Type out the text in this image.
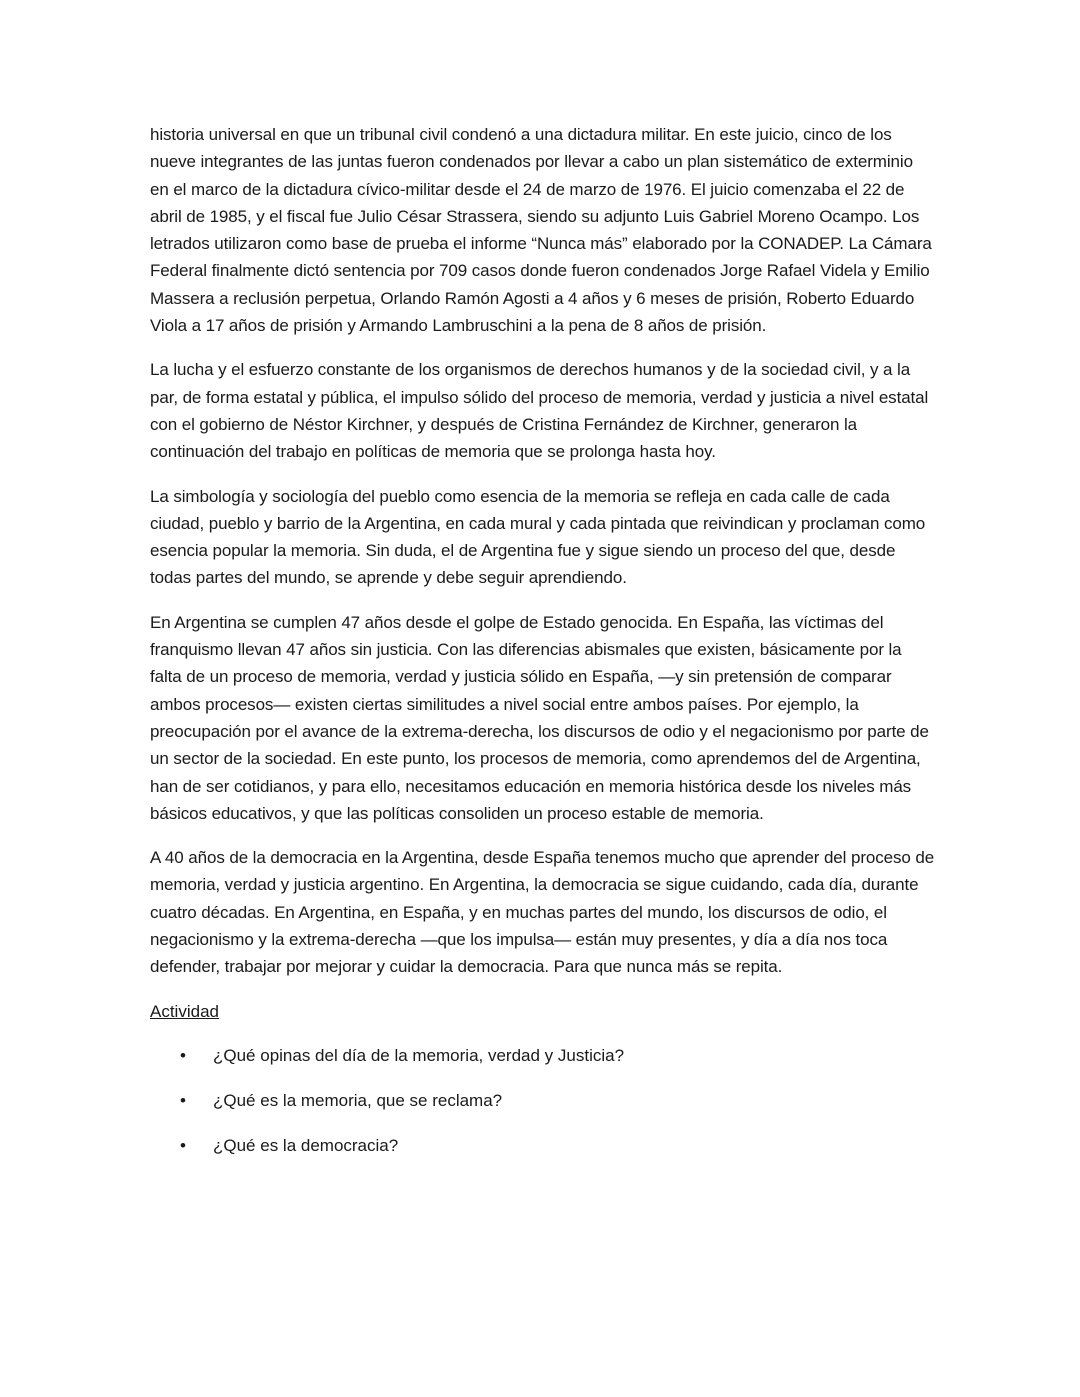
historia universal en que un tribunal civil condenó a una dictadura militar. En este juicio, cinco de los nueve integrantes de las juntas fueron condenados por llevar a cabo un plan sistemático de exterminio en el marco de la dictadura cívico-militar desde el 24 de marzo de 1976. El juicio comenzaba el 22 de abril de 1985, y el fiscal fue Julio César Strassera, siendo su adjunto Luis Gabriel Moreno Ocampo. Los letrados utilizaron como base de prueba el informe “Nunca más” elaborado por la CONADEP. La Cámara Federal finalmente dictó sentencia por 709 casos donde fueron condenados Jorge Rafael Videla y Emilio Massera a reclusión perpetua, Orlando Ramón Agosti a 4 años y 6 meses de prisión, Roberto Eduardo Viola a 17 años de prisión y Armando Lambruschini a la pena de 8 años de prisión.

La lucha y el esfuerzo constante de los organismos de derechos humanos y de la sociedad civil, y a la par, de forma estatal y pública, el impulso sólido del proceso de memoria, verdad y justicia a nivel estatal con el gobierno de Néstor Kirchner, y después de Cristina Fernández de Kirchner, generaron la continuación del trabajo en políticas de memoria que se prolonga hasta hoy.

La simbología y sociología del pueblo como esencia de la memoria se refleja en cada calle de cada ciudad, pueblo y barrio de la Argentina, en cada mural y cada pintada que reivindican y proclaman como esencia popular la memoria. Sin duda, el de Argentina fue y sigue siendo un proceso del que, desde todas partes del mundo, se aprende y debe seguir aprendiendo.

En Argentina se cumplen 47 años desde el golpe de Estado genocida. En España, las víctimas del franquismo llevan 47 años sin justicia. Con las diferencias abismales que existen, básicamente por la falta de un proceso de memoria, verdad y justicia sólido en España, —y sin pretensión de comparar ambos procesos— existen ciertas similitudes a nivel social entre ambos países. Por ejemplo, la preocupación por el avance de la extrema-derecha, los discursos de odio y el negacionismo por parte de un sector de la sociedad. En este punto, los procesos de memoria, como aprendemos del de Argentina, han de ser cotidianos, y para ello, necesitamos educación en memoria histórica desde los niveles más básicos educativos, y que las políticas consoliden un proceso estable de memoria.

A 40 años de la democracia en la Argentina, desde España tenemos mucho que aprender del proceso de memoria, verdad y justicia argentino. En Argentina, la democracia se sigue cuidando, cada día, durante cuatro décadas. En Argentina, en España, y en muchas partes del mundo, los discursos de odio, el negacionismo y la extrema-derecha —que los impulsa— están muy presentes, y día a día nos toca defender, trabajar por mejorar y cuidar la democracia. Para que nunca más se repita.

Actividad
• ¿Qué opinas del día de la memoria, verdad y Justicia?
• ¿Qué es la memoria, que se reclama?
• ¿Qué es la democracia?
